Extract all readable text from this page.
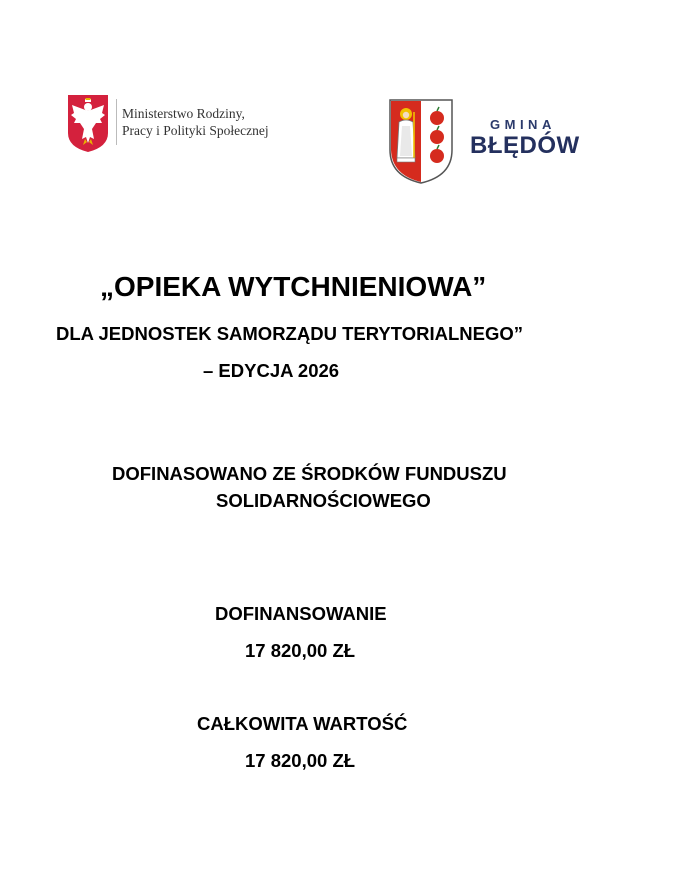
Ministerstwo Rodziny,
Pracy i Polityki Społecznej	GMINA
BŁĘDÓW
„OPIEKA WYTCHNIENIOWA”
DLA JEDNOSTEK SAMORZĄDU TERYTORIALNEGO”
– EDYCJA 2026
DOFINASOWANO ZE ŚRODKÓW FUNDUSZU
SOLIDARNOŚCIOWEGO
DOFINANSOWANIE
17 820,00 ZŁ
CAŁKOWITA WARTOŚĆ
17 820,00 ZŁ
